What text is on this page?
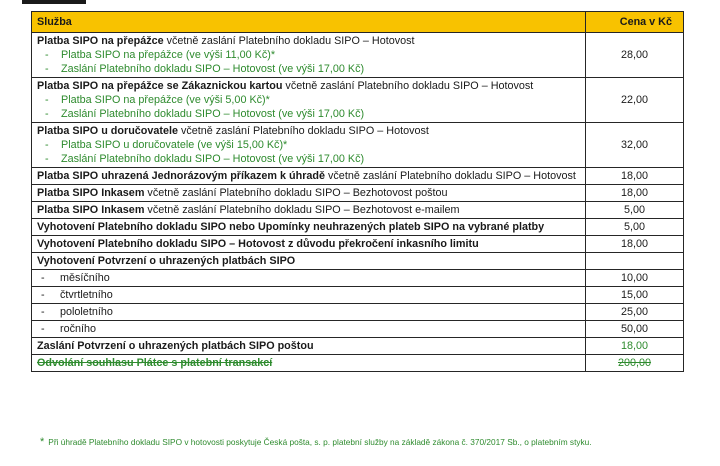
Služba	Cena v Kč
Platba SIPO na přepážce včetně zaslání Platebního dokladu SIPO – Hotovost
- Platba SIPO na přepážce (ve výši 11,00 Kč)*
- Zaslání Platebního dokladu SIPO – Hotovost (ve výši 17,00 Kč)	28,00
Platba SIPO na přepážce se Zákaznickou kartou včetně zaslání Platebního dokladu SIPO – Hotovost
- Platba SIPO na přepážce (ve výši 5,00 Kč)*
- Zaslání Platebního dokladu SIPO – Hotovost (ve výši 17,00 Kč)	22,00
Platba SIPO u doručovatele včetně zaslání Platebního dokladu SIPO – Hotovost
- Platba SIPO u doručovatele (ve výši 15,00 Kč)*
- Zaslání Platebního dokladu SIPO – Hotovost (ve výši 17,00 Kč)	32,00
Platba SIPO uhrazená Jednorázovým příkazem k úhradě včetně zaslání Platebního dokladu SIPO – Hotovost	18,00
Platba SIPO Inkasem včetně zaslání Platebního dokladu SIPO – Bezhotovost poštou	18,00
Platba SIPO Inkasem včetně zaslání Platebního dokladu SIPO – Bezhotovost e-mailem	5,00
Vyhotovení Platebního dokladu SIPO nebo Upomínky neuhrazených plateb SIPO na vybrané platby	5,00
Vyhotovení Platebního dokladu SIPO – Hotovost z důvodu překročení inkasního limitu	18,00
Vyhotovení Potvrzení o uhrazených platbách SIPO	

- měsíčního	10,00

- čtvrtletního	15,00

- pololetního	25,00

- ročního	50,00
Zaslání Potvrzení o uhrazených platbách SIPO poštou	18,00
Odvolání souhlasu Plátce s platební transakcí	200,00
* Při úhradě Platebního dokladu SIPO v hotovosti poskytuje Česká pošta, s. p. platební služby na základě zákona č. 370/2017 Sb., o platebním styku.
